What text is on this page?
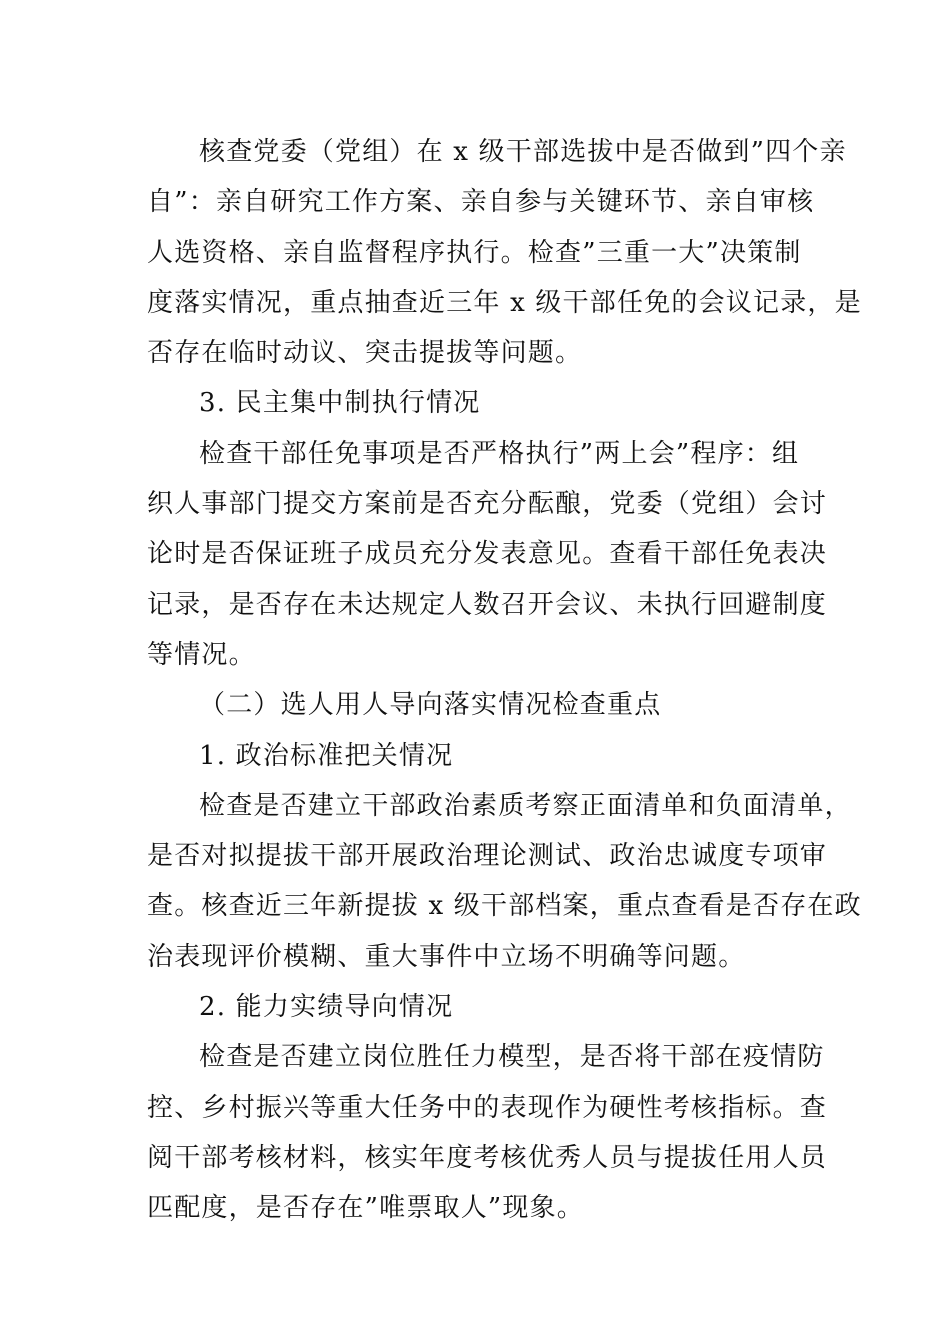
核查党委（党组）在 x 级干部选拔中是否做到”四个亲
自”：亲自研究工作方案、亲自参与关键环节、亲自审核
人选资格、亲自监督程序执行。检查”三重一大”决策制
度落实情况，重点抽查近三年 x 级干部任免的会议记录，是
否存在临时动议、突击提拔等问题。
3. 民主集中制执行情况
检查干部任免事项是否严格执行”两上会”程序：组
织人事部门提交方案前是否充分酝酿，党委（党组）会讨
论时是否保证班子成员充分发表意见。查看干部任免表决
记录，是否存在未达规定人数召开会议、未执行回避制度
等情况。
（二）选人用人导向落实情况检查重点
1. 政治标准把关情况
检查是否建立干部政治素质考察正面清单和负面清单，
是否对拟提拔干部开展政治理论测试、政治忠诚度专项审
查。核查近三年新提拔 x 级干部档案，重点查看是否存在政
治表现评价模糊、重大事件中立场不明确等问题。
2. 能力实绩导向情况
检查是否建立岗位胜任力模型，是否将干部在疫情防
控、乡村振兴等重大任务中的表现作为硬性考核指标。查
阅干部考核材料，核实年度考核优秀人员与提拔任用人员
匹配度，是否存在”唯票取人”现象。
